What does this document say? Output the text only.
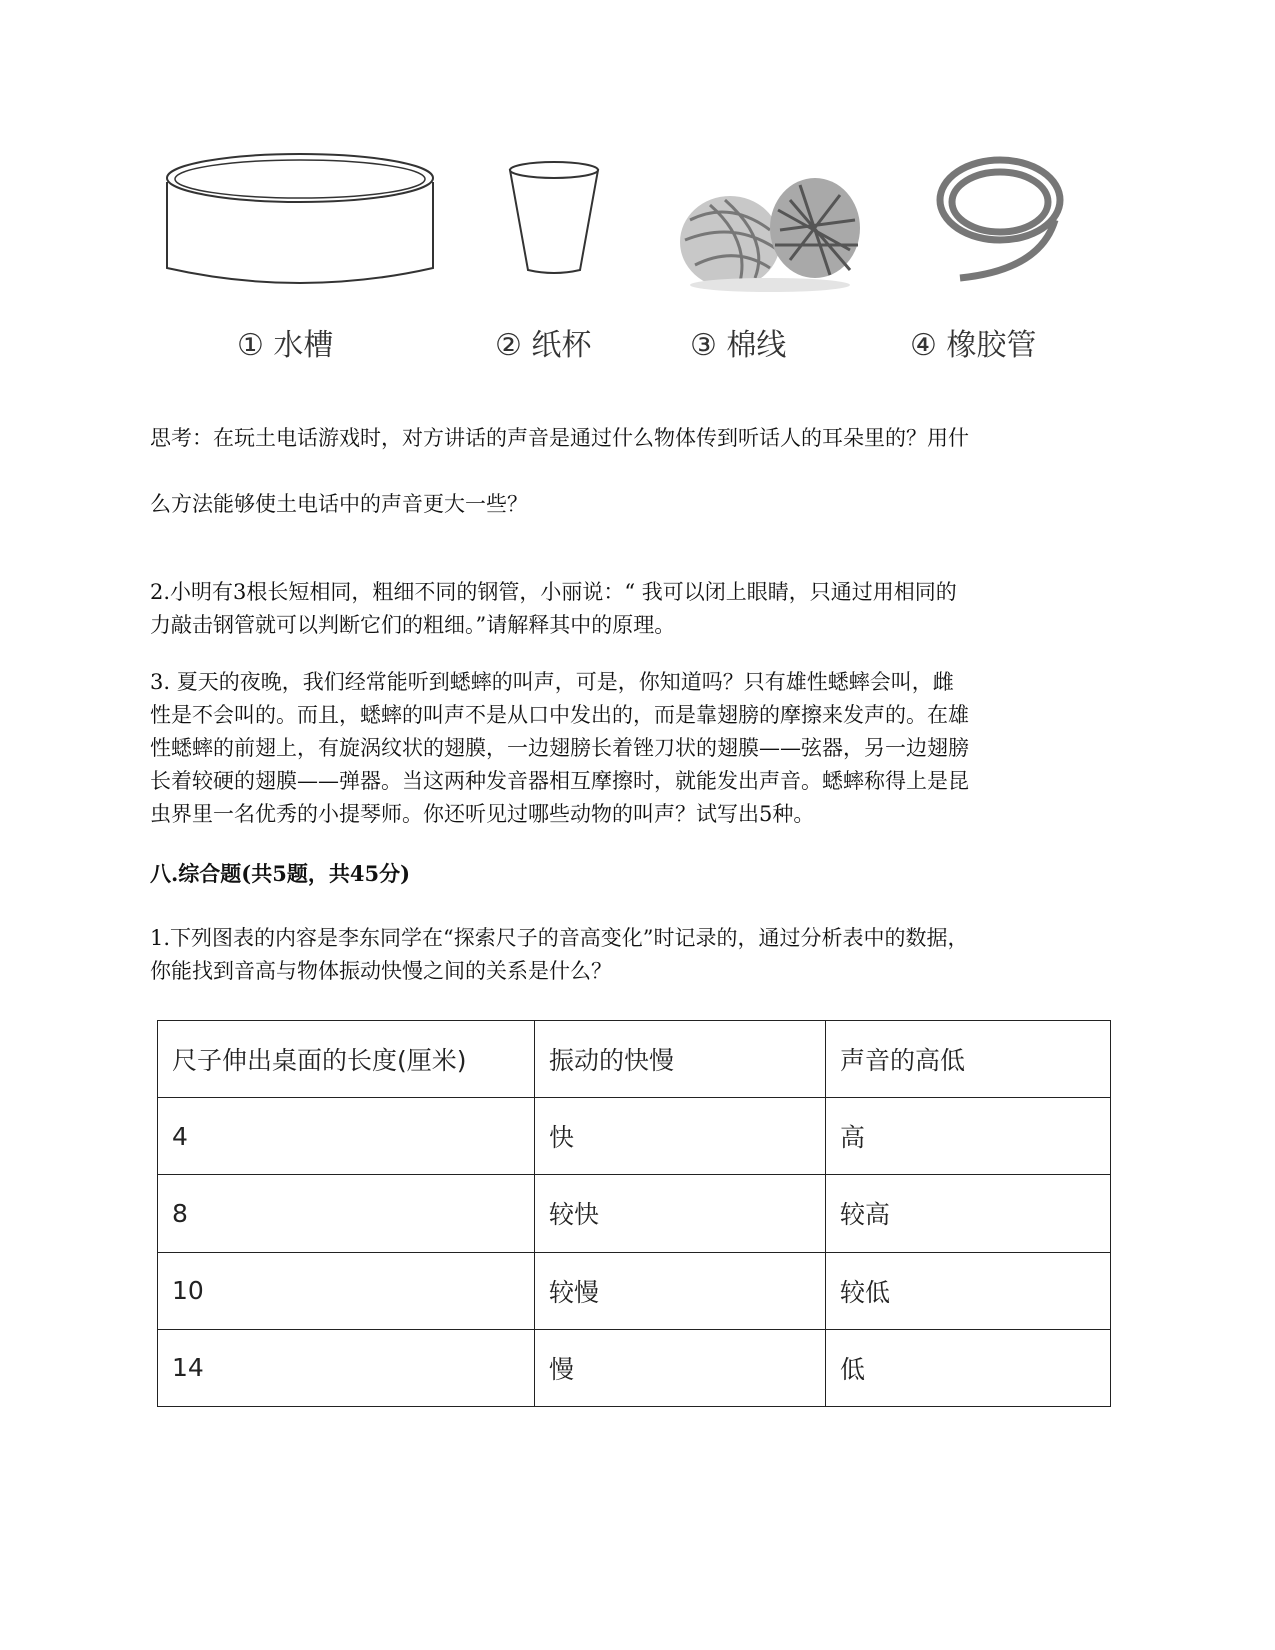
① 水槽	② 纸杯	③ 棉线	④ 橡胶管
思考：在玩土电话游戏时，对方讲话的声音是通过什么物体传到听话人的耳朵里的？用什
么方法能够使土电话中的声音更大一些？
2.小明有3根长短相同，粗细不同的钢管，小丽说：“ 我可以闭上眼睛，只通过用相同的
力敲击钢管就可以判断它们的粗细。”请解释其中的原理。
3. 夏天的夜晚，我们经常能听到蟋蟀的叫声，可是，你知道吗？只有雄性蟋蟀会叫，雌
性是不会叫的。而且，蟋蟀的叫声不是从口中发出的，而是靠翅膀的摩擦来发声的。在雄
性蟋蟀的前翅上，有旋涡纹状的翅膜，一边翅膀长着锉刀状的翅膜——弦器，另一边翅膀
长着较硬的翅膜——弹器。当这两种发音器相互摩擦时，就能发出声音。蟋蟀称得上是昆
虫界里一名优秀的小提琴师。你还听见过哪些动物的叫声？试写出5种。
八.综合题(共5题，共45分)
1.下列图表的内容是李东同学在“探索尺子的音高变化”时记录的，通过分析表中的数据，
你能找到音高与物体振动快慢之间的关系是什么？
尺子伸出桌面的长度(厘米)	振动的快慢	声音的高低
4	快	高
8	较快	较高
10	较慢	较低
14	慢	低
